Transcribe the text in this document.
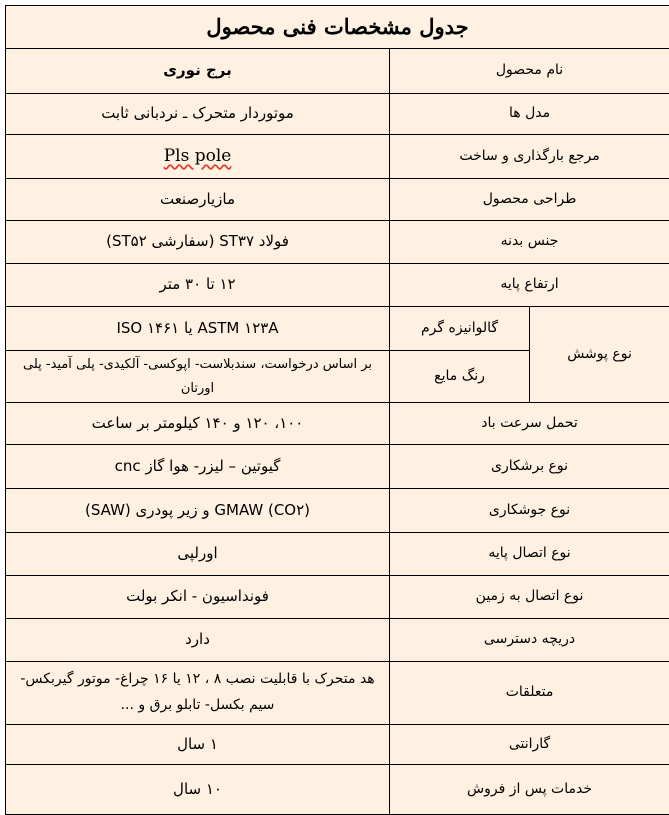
جدول مشخصات فنی محصول		
نام محصول		برج نوری
مدل ها		موتوردار متحرک ـ نردبانی ثابت
مرجع بارگذاری و ساخت		Pls pole
طراحی محصول		مازیارصنعت
جنس بدنه		فولاد ST۳۷ (سفارشی ST۵۲)
ارتفاع پایه		۱۲ تا ۳۰ متر
نوع پوشش	گالوانیزه گرم	ASTM ۱۲۳A یا ISO ۱۴۶۱
	رنگ مایع	بر اساس درخواست، سندبلاست- اپوکسی- آلکیدی- پلی آمید- پلی اورتان
تحمل سرعت باد		۱۰۰، ۱۲۰ و ۱۴۰ کیلومتر بر ساعت
نوع برشکاری		گیوتین – لیزر- هوا گاز cnc
نوع جوشکاری		GMAW (CO۲) و زیر پودری (SAW)
نوع اتصال پایه		اورلپی
نوع اتصال به زمین		فونداسیون - انکر بولت
دریچه دسترسی		دارد
متعلقات		هد متحرک با قابلیت نصب ۸ ، ۱۲ یا ۱۶ چراغ- موتور گیربکس- سیم بکسل- تابلو برق و ...
گارانتی		۱ سال
خدمات پس از فروش		۱۰ سال
